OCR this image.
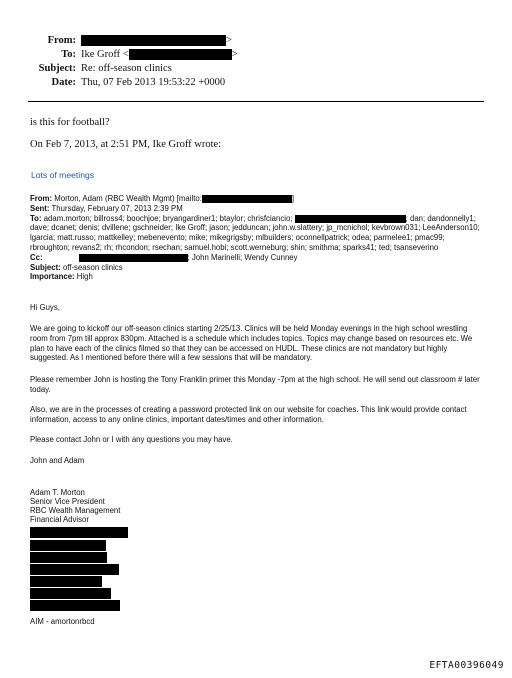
From:	>
To: Ike Groff <	>
Subject: Re: off-season clinics
Date: Thu, 07 Feb 2013 19:53:22 +0000
is this for football?
On Feb 7, 2013, at 2:51 PM, Ike Groff wrote:
Lots of meetings
From: Morton, Adam (RBC Wealth Mgmt) [mailto:	]
Sent: Thursday, February 07, 2013 2:39 PM
To: adam.morton; billross4; boochjoe; bryangardiner1; btaylor; chrisfciancio;	; dan; dandonnelly1; dave; dcanet; denis; dvillene; gschneider; Ike Groff; jason; jedduncan; john.w.slattery; jp_mcnichol; kevbrown031; LeeAnderson10; lgarcia; matt.russo; mattkelley; mebenevento; mike; mikegrigsby; mlbuilders; oconnellpatrick; odea; parmelee1; pmac99; rbroughton; revans2; rh; rhcondon; rsechan; samuel.hobi; scott.werneburg; shin; smithma; sparks41; ted; tsanseverino
Cc:	; John Marinelli; Wendy Cunney
Subject: off-season clinics
Importance: High
Hi Guys,
We are going to kickoff our off-season clinics starting 2/25/13. Clinics will be held Monday evenings in the high school wrestling room from 7pm till approx 830pm. Attached is a schedule which includes topics. Topics may change based on resources etc. We plan to have each of the clinics filmed so that they can be accessed on HUDL. These clinics are not mandatory but highly suggested. As I mentioned before there will a few sessions that will be mandatory.
Please remember John is hosting the Tony Franklin primer this Monday -7pm at the high school. He will send out classroom # later today.
Also, we are in the processes of creating a password protected link on our website for coaches. This link would provide contact information, access to any online clinics, important dates/times and other information.
Please contact John or I with any questions you may have.
John and Adam
Adam T. Morton
Senior Vice President
RBC Wealth Management
Financial Advisor
AIM - amortonrbcd
EFTA00396049
